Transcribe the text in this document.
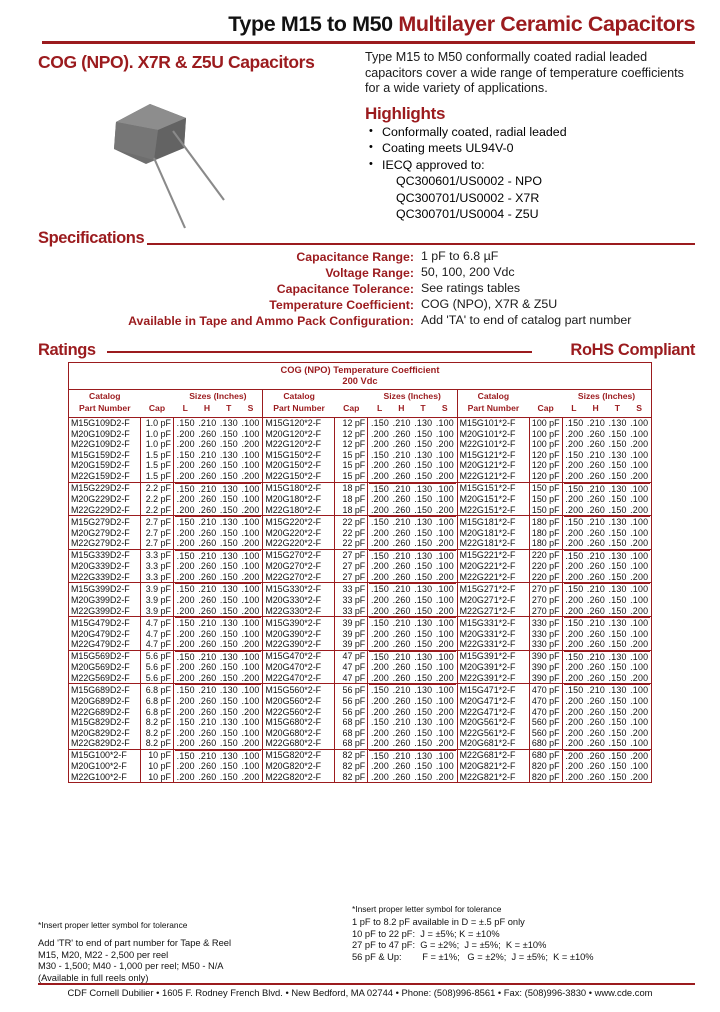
Type M15 to M50 Multilayer Ceramic Capacitors
COG (NPO). X7R & Z5U Capacitors	Type M15 to M50 conformally coated radial leaded capacitors cover a wide range of temperature coefficients for a wide variety of applications.
Highlights
• Conformally coated, radial leaded
• Coating meets UL94V-0
• IECQ approved to:
QC300601/US0002 - NPO
QC300701/US0002 - X7R
QC300701/US0004 - Z5U
Specifications
Capacitance Range:	1 pF to 6.8 µF
Voltage Range:	50, 100, 200 Vdc
Capacitance Tolerance:	See ratings tables
Temperature Coefficient:	COG (NPO), X7R & Z5U
Available in Tape and Ammo Pack Configuration:	Add 'TA' to end of catalog part number
Ratings	RoHS Compliant
COG (NPO) Temperature Coefficient
200 Vdc
Catalog		Sizes (Inches)
Part Number	Cap	L	H	T	S
M15G109D2-F	1.0 pF	.150	.210	.130	.100

M20G109D2-F	1.0 pF	.200	.260	.150	.100

M22G109D2-F	1.0 pF	.200	.260	.150	.200

M15G159D2-F	1.5 pF	.150	.210	.130	.100

M20G159D2-F	1.5 pF	.200	.260	.150	.100

M22G159D2-F	1.5 pF	.200	.260	.150	.200

M15G229D2-F	2.2 pF	.150	.210	.130	.100

M20G229D2-F	2.2 pF	.200	.260	.150	.100

M22G229D2-F	2.2 pF	.200	.260	.150	.200

M15G279D2-F	2.7 pF	.150	.210	.130	.100

M20G279D2-F	2.7 pF	.200	.260	.150	.100

M22G279D2-F	2.7 pF	.200	.260	.150	.200

M15G339D2-F	3.3 pF	.150	.210	.130	.100

M20G339D2-F	3.3 pF	.200	.260	.150	.100

M22G339D2-F	3.3 pF	.200	.260	.150	.200

M15G399D2-F	3.9 pF	.150	.210	.130	.100

M20G399D2-F	3.9 pF	.200	.260	.150	.100

M22G399D2-F	3.9 pF	.200	.260	.150	.200

M15G479D2-F	4.7 pF	.150	.210	.130	.100

M20G479D2-F	4.7 pF	.200	.260	.150	.100

M22G479D2-F	4.7 pF	.200	.260	.150	.200

M15G569D2-F	5.6 pF	.150	.210	.130	.100

M20G569D2-F	5.6 pF	.200	.260	.150	.100

M22G569D2-F	5.6 pF	.200	.260	.150	.200

M15G689D2-F	6.8 pF	.150	.210	.130	.100

M20G689D2-F	6.8 pF	.200	.260	.150	.100

M22G689D2-F	6.8 pF	.200	.260	.150	.200

M15G829D2-F	8.2 pF	.150	.210	.130	.100

M20G829D2-F	8.2 pF	.200	.260	.150	.100

M22G829D2-F	8.2 pF	.200	.260	.150	.200

M15G100*2-F	10 pF	.150	.210	.130	.100

M20G100*2-F	10 pF	.200	.260	.150	.100

M22G100*2-F	10 pF	.200	.260	.150	.200
Catalog		Sizes (Inches)
Part Number	Cap	L	H	T	S
M15G120*2-F	12 pF	.150	.210	.130	.100

M20G120*2-F	12 pF	.200	.260	.150	.100

M22G120*2-F	12 pF	.200	.260	.150	.200

M15G150*2-F	15 pF	.150	.210	.130	.100

M20G150*2-F	15 pF	.200	.260	.150	.100

M22G150*2-F	15 pF	.200	.260	.150	.200

M15G180*2-F	18 pF	.150	.210	.130	.100

M20G180*2-F	18 pF	.200	.260	.150	.100

M22G180*2-F	18 pF	.200	.260	.150	.200

M15G220*2-F	22 pF	.150	.210	.130	.100

M20G220*2-F	22 pF	.200	.260	.150	.100

M22G220*2-F	22 pF	.200	.260	.150	.200

M15G270*2-F	27 pF	.150	.210	.130	.100

M20G270*2-F	27 pF	.200	.260	.150	.100

M22G270*2-F	27 pF	.200	.260	.150	.200

M15G330*2-F	33 pF	.150	.210	.130	.100

M20G330*2-F	33 pF	.200	.260	.150	.100

M22G330*2-F	33 pF	.200	.260	.150	.200

M15G390*2-F	39 pF	.150	.210	.130	.100

M20G390*2-F	39 pF	.200	.260	.150	.100

M22G390*2-F	39 pF	.200	.260	.150	.200

M15G470*2-F	47 pF	.150	.210	.130	.100

M20G470*2-F	47 pF	.200	.260	.150	.100

M22G470*2-F	47 pF	.200	.260	.150	.200

M15G560*2-F	56 pF	.150	.210	.130	.100

M20G560*2-F	56 pF	.200	.260	.150	.100

M22G560*2-F	56 pF	.200	.260	.150	.200

M15G680*2-F	68 pF	.150	.210	.130	.100

M20G680*2-F	68 pF	.200	.260	.150	.100

M22G680*2-F	68 pF	.200	.260	.150	.200

M15G820*2-F	82 pF	.150	.210	.130	.100

M20G820*2-F	82 pF	.200	.260	.150	.100

M22G820*2-F	82 pF	.200	.260	.150	.200
Catalog		Sizes (Inches)
Part Number	Cap	L	H	T	S
M15G101*2-F	100 pF	.150	.210	.130	.100

M20G101*2-F	100 pF	.200	.260	.150	.100

M22G101*2-F	100 pF	.200	.260	.150	.200

M15G121*2-F	120 pF	.150	.210	.130	.100

M20G121*2-F	120 pF	.200	.260	.150	.100

M22G121*2-F	120 pF	.200	.260	.150	.200

M15G151*2-F	150 pF	.150	.210	.130	.100

M20G151*2-F	150 pF	.200	.260	.150	.100

M22G151*2-F	150 pF	.200	.260	.150	.200

M15G181*2-F	180 pF	.150	.210	.130	.100

M20G181*2-F	180 pF	.200	.260	.150	.100

M22G181*2-F	180 pF	.200	.260	.150	.200

M15G221*2-F	220 pF	.150	.210	.130	.100

M20G221*2-F	220 pF	.200	.260	.150	.100

M22G221*2-F	220 pF	.200	.260	.150	.200

M15G271*2-F	270 pF	.150	.210	.130	.100

M20G271*2-F	270 pF	.200	.260	.150	.100

M22G271*2-F	270 pF	.200	.260	.150	.200

M15G331*2-F	330 pF	.150	.210	.130	.100

M20G331*2-F	330 pF	.200	.260	.150	.100

M22G331*2-F	330 pF	.200	.260	.150	.200

M15G391*2-F	390 pF	.150	.210	.130	.100

M20G391*2-F	390 pF	.200	.260	.150	.100

M22G391*2-F	390 pF	.200	.260	.150	.200

M15G471*2-F	470 pF	.150	.210	.130	.100

M20G471*2-F	470 pF	.200	.260	.150	.100

M22G471*2-F	470 pF	.200	.260	.150	.200

M20G561*2-F	560 pF	.200	.260	.150	.100

M22G561*2-F	560 pF	.200	.260	.150	.200

M20G681*2-F	680 pF	.200	.260	.150	.100

M22G681*2-F	680 pF	.200	.260	.150	.200

M20G821*2-F	820 pF	.200	.260	.150	.100

M22G821*2-F	820 pF	.200	.260	.150	.200
*Insert proper letter symbol for tolerance
*Insert proper letter symbol for tolerance
Add 'TR' to end of part number for Tape & Reel
M15, M20, M22 - 2,500 per reel
M30 - 1,500; M40 - 1,000 per reel; M50 - N/A
(Available in full reels only)
1 pF to 8.2 pF available in D = ±.5 pF only
10 pF to 22 pF:  J = ±5%; K = ±10%
27 pF to 47 pF:  G = ±2%;  J = ±5%;  K = ±10%
56 pF & Up:        F = ±1%;   G = ±2%;  J = ±5%;  K = ±10%
CDF Cornell Dubilier • 1605 F. Rodney French Blvd. • New Bedford, MA 02744 • Phone: (508)996-8561 • Fax: (508)996-3830 • www.cde.com
